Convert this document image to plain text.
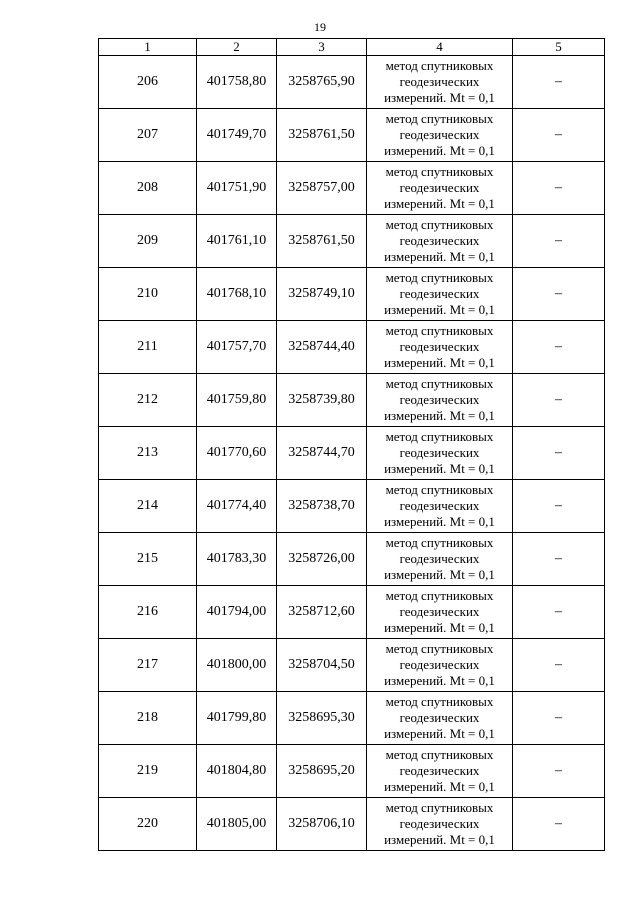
19
1	2	3	4	5
206	401758,80	3258765,90	метод спутниковых
геодезических
измерений. Mt = 0,1	–
207	401749,70	3258761,50	метод спутниковых
геодезических
измерений. Mt = 0,1	–
208	401751,90	3258757,00	метод спутниковых
геодезических
измерений. Mt = 0,1	–
209	401761,10	3258761,50	метод спутниковых
геодезических
измерений. Mt = 0,1	–
210	401768,10	3258749,10	метод спутниковых
геодезических
измерений. Mt = 0,1	–
211	401757,70	3258744,40	метод спутниковых
геодезических
измерений. Mt = 0,1	–
212	401759,80	3258739,80	метод спутниковых
геодезических
измерений. Mt = 0,1	–
213	401770,60	3258744,70	метод спутниковых
геодезических
измерений. Mt = 0,1	–
214	401774,40	3258738,70	метод спутниковых
геодезических
измерений. Mt = 0,1	–
215	401783,30	3258726,00	метод спутниковых
геодезических
измерений. Mt = 0,1	–
216	401794,00	3258712,60	метод спутниковых
геодезических
измерений. Mt = 0,1	–
217	401800,00	3258704,50	метод спутниковых
геодезических
измерений. Mt = 0,1	–
218	401799,80	3258695,30	метод спутниковых
геодезических
измерений. Mt = 0,1	–
219	401804,80	3258695,20	метод спутниковых
геодезических
измерений. Mt = 0,1	–
220	401805,00	3258706,10	метод спутниковых
геодезических
измерений. Mt = 0,1	–
